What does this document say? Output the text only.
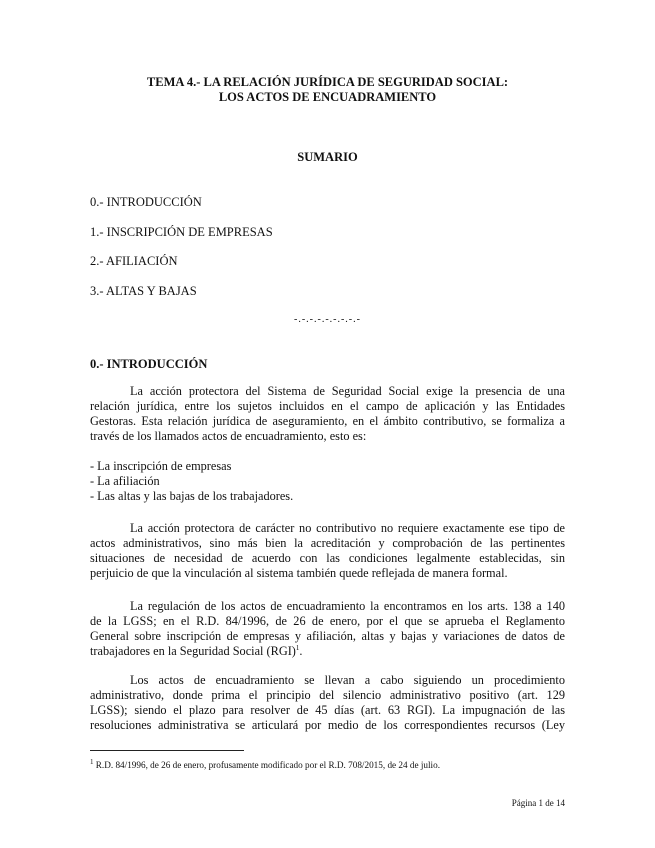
TEMA 4.- LA RELACIÓN JURÍDICA DE SEGURIDAD SOCIAL:
LOS ACTOS DE ENCUADRAMIENTO
SUMARIO
0.- INTRODUCCIÓN
1.- INSCRIPCIÓN DE EMPRESAS
2.- AFILIACIÓN
3.- ALTAS Y BAJAS
-.-.-.-.-.-.-.-.-
0.- INTRODUCCIÓN
La acción protectora del Sistema de Seguridad Social exige la presencia de una
relación jurídica, entre los sujetos incluidos en el campo de aplicación y las Entidades
Gestoras. Esta relación jurídica de aseguramiento, en el ámbito contributivo, se formaliza a
través de los llamados actos de encuadramiento, esto es:
- La inscripción de empresas
- La afiliación
- Las altas y las bajas de los trabajadores.
La acción protectora de carácter no contributivo no requiere exactamente ese tipo de
actos administrativos, sino más bien la acreditación y comprobación de las pertinentes
situaciones de necesidad de acuerdo con las condiciones legalmente establecidas, sin
perjuicio de que la vinculación al sistema también quede reflejada de manera formal.
La regulación de los actos de encuadramiento la encontramos en los arts. 138 a 140
de la LGSS; en el R.D. 84/1996, de 26 de enero, por el que se aprueba el Reglamento
General sobre inscripción de empresas y afiliación, altas y bajas y variaciones de datos de
trabajadores en la Seguridad Social (RGI)$^1$.
Los actos de encuadramiento se llevan a cabo siguiendo un procedimiento
administrativo, donde prima el principio del silencio administrativo positivo (art. 129
LGSS); siendo el plazo para resolver de 45 días (art. 63 RGI). La impugnación de las
resoluciones administrativa se articulará por medio de los correspondientes recursos (Ley
$^1$ R.D. 84/1996, de 26 de enero, profusamente modificado por el R.D. 708/2015, de 24 de julio.
Página 1 de 14
